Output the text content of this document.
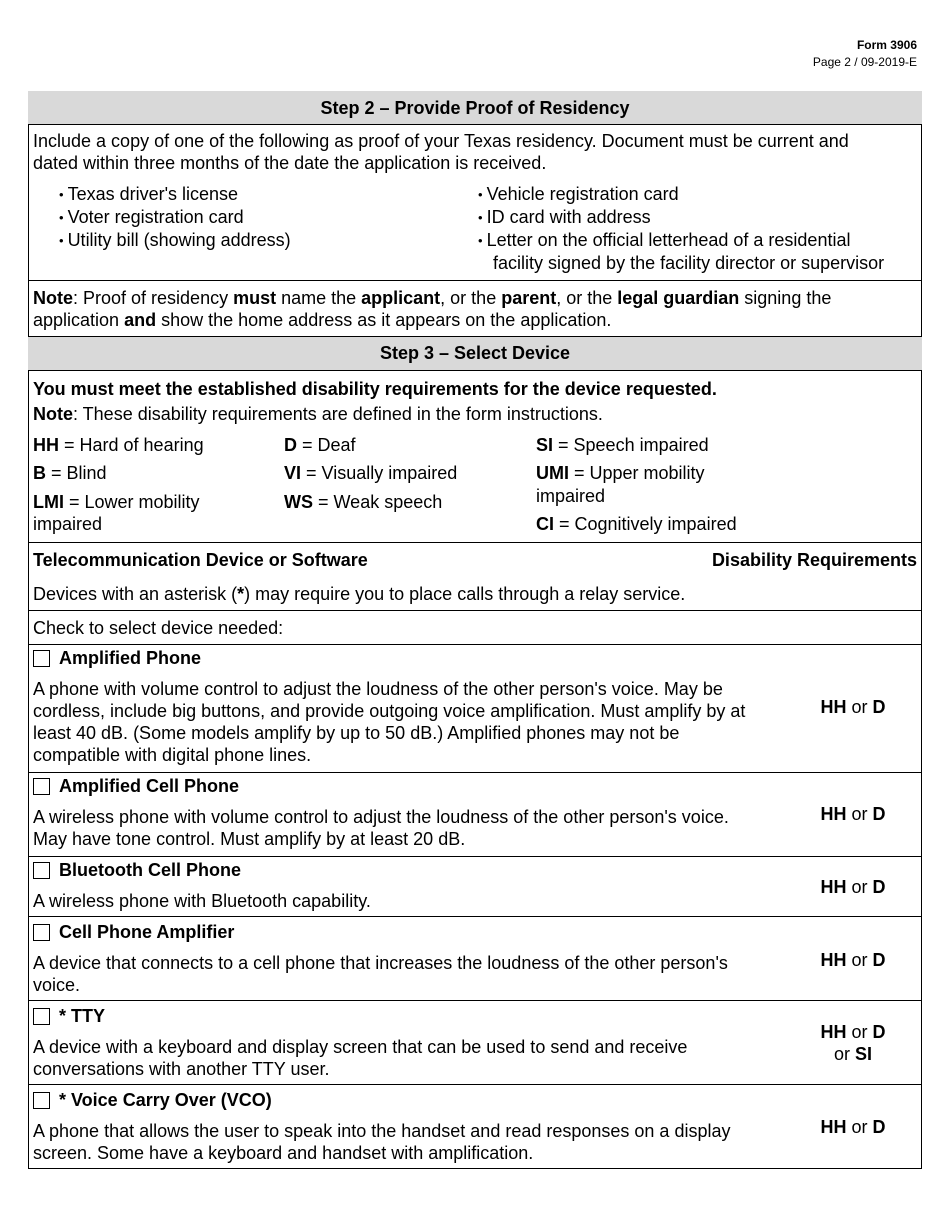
Form 3906
Page 2 / 09-2019-E
Step 2 – Provide Proof of Residency
Include a copy of one of the following as proof of your Texas residency. Document must be current and
dated within three months of the date the application is received.
• Texas driver's license
• Voter registration card
• Utility bill (showing address)
• Vehicle registration card
• ID card with address
• Letter on the official letterhead of a residential
facility signed by the facility director or supervisor
Note: Proof of residency must name the applicant, or the parent, or the legal guardian signing the
application and show the home address as it appears on the application.
Step 3 – Select Device
You must meet the established disability requirements for the device requested.
Note: These disability requirements are defined in the form instructions.
HH = Hard of hearing
B = Blind
LMI = Lower mobility
impaired
D = Deaf
VI = Visually impaired
WS = Weak speech
SI = Speech impaired
UMI = Upper mobility
impaired
CI = Cognitively impaired
Telecommunication Device or Software	Disability Requirements
Devices with an asterisk (*) may require you to place calls through a relay service.
Check to select device needed:
Amplified Phone
A phone with volume control to adjust the loudness of the other person's voice. May be
cordless, include big buttons, and provide outgoing voice amplification. Must amplify by at
least 40 dB. (Some models amplify by up to 50 dB.) Amplified phones may not be
compatible with digital phone lines.
HH or D
Amplified Cell Phone
A wireless phone with volume control to adjust the loudness of the other person's voice.
May have tone control. Must amplify by at least 20 dB.
HH or D
Bluetooth Cell Phone
A wireless phone with Bluetooth capability.
HH or D
Cell Phone Amplifier
A device that connects to a cell phone that increases the loudness of the other person's
voice.
HH or D
* TTY
A device with a keyboard and display screen that can be used to send and receive
conversations with another TTY user.
HH or D
or SI
* Voice Carry Over (VCO)
A phone that allows the user to speak into the handset and read responses on a display
screen. Some have a keyboard and handset with amplification.
HH or D
